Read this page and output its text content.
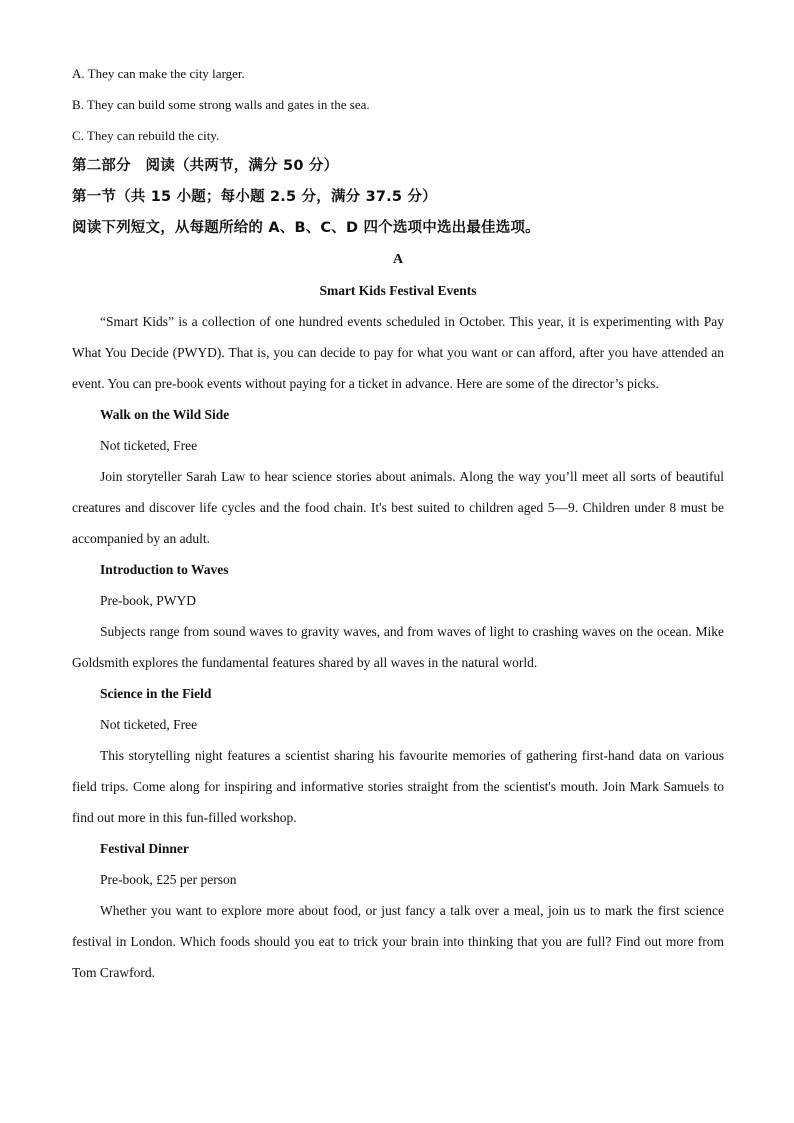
A. They can make the city larger.

B. They can build some strong walls and gates in the sea.

C. They can rebuild the city.

第二部分　阅读（共两节，满分 50 分）

第一节（共 15 小题；每小题 2.5 分，满分 37.5 分）

阅读下列短文，从每题所给的 A、B、C、D 四个选项中选出最佳选项。

A

Smart Kids Festival Events

“Smart Kids” is a collection of one hundred events scheduled in October. This year, it is experimenting with Pay What You Decide (PWYD). That is, you can decide to pay for what you want or can afford, after you have attended an event. You can pre-book events without paying for a ticket in advance. Here are some of the director’s picks.

Walk on the Wild Side

Not ticketed, Free

Join storyteller Sarah Law to hear science stories about animals. Along the way you’ll meet all sorts of beautiful creatures and discover life cycles and the food chain. It's best suited to children aged 5—9. Children under 8 must be accompanied by an adult.

Introduction to Waves

Pre-book, PWYD

Subjects range from sound waves to gravity waves, and from waves of light to crashing waves on the ocean. Mike Goldsmith explores the fundamental features shared by all waves in the natural world.

Science in the Field

Not ticketed, Free

This storytelling night features a scientist sharing his favourite memories of gathering first-hand data on various field trips. Come along for inspiring and informative stories straight from the scientist's mouth. Join Mark Samuels to find out more in this fun-filled workshop.

Festival Dinner

Pre-book, £25 per person

Whether you want to explore more about food, or just fancy a talk over a meal, join us to mark the first science festival in London. Which foods should you eat to trick your brain into thinking that you are full? Find out more from Tom Crawford.
